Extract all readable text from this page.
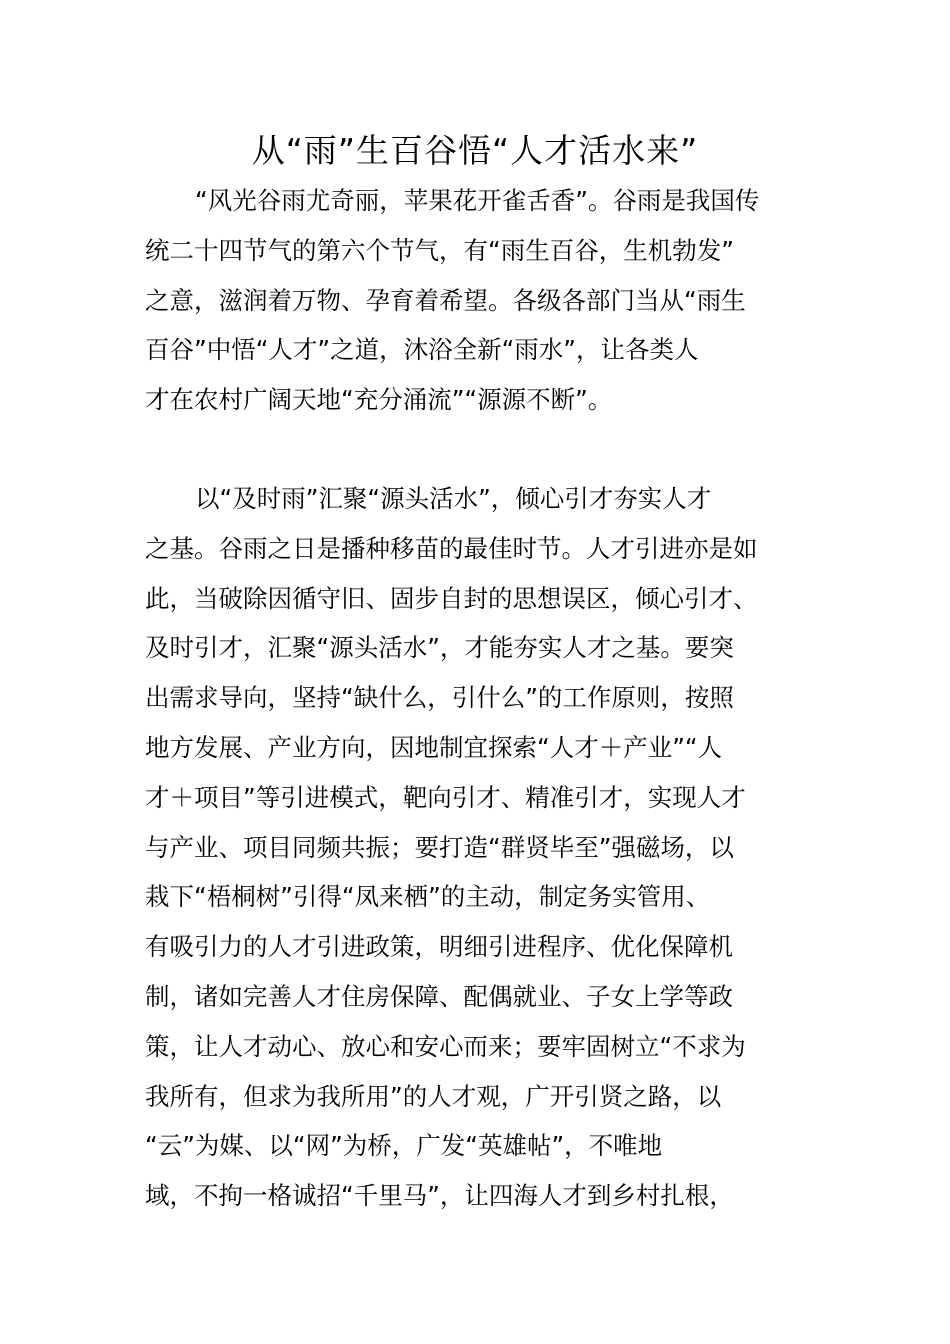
从“雨”生百谷悟“人才活水来”
“风光谷雨尤奇丽，苹果花开雀舌香”。谷雨是我国传
统二十四节气的第六个节气，有“雨生百谷，生机勃发”
之意，滋润着万物、孕育着希望。各级各部门当从“雨生
百谷”中悟“人才”之道，沐浴全新“雨水”，让各类人
才在农村广阔天地“充分涌流”“源源不断”。
以“及时雨”汇聚“源头活水”，倾心引才夯实人才
之基。谷雨之日是播种移苗的最佳时节。人才引进亦是如
此，当破除因循守旧、固步自封的思想误区，倾心引才、
及时引才，汇聚“源头活水”，才能夯实人才之基。要突
出需求导向，坚持“缺什么，引什么”的工作原则，按照
地方发展、产业方向，因地制宜探索“人才＋产业”“人
才＋项目”等引进模式，靶向引才、精准引才，实现人才
与产业、项目同频共振；要打造“群贤毕至”强磁场，以
栽下“梧桐树”引得“凤来栖”的主动，制定务实管用、
有吸引力的人才引进政策，明细引进程序、优化保障机
制，诸如完善人才住房保障、配偶就业、子女上学等政
策，让人才动心、放心和安心而来；要牢固树立“不求为
我所有，但求为我所用”的人才观，广开引贤之路，以
“云”为媒、以“网”为桥，广发“英雄帖”，不唯地
域，不拘一格诚招“千里马”，让四海人才到乡村扎根，
